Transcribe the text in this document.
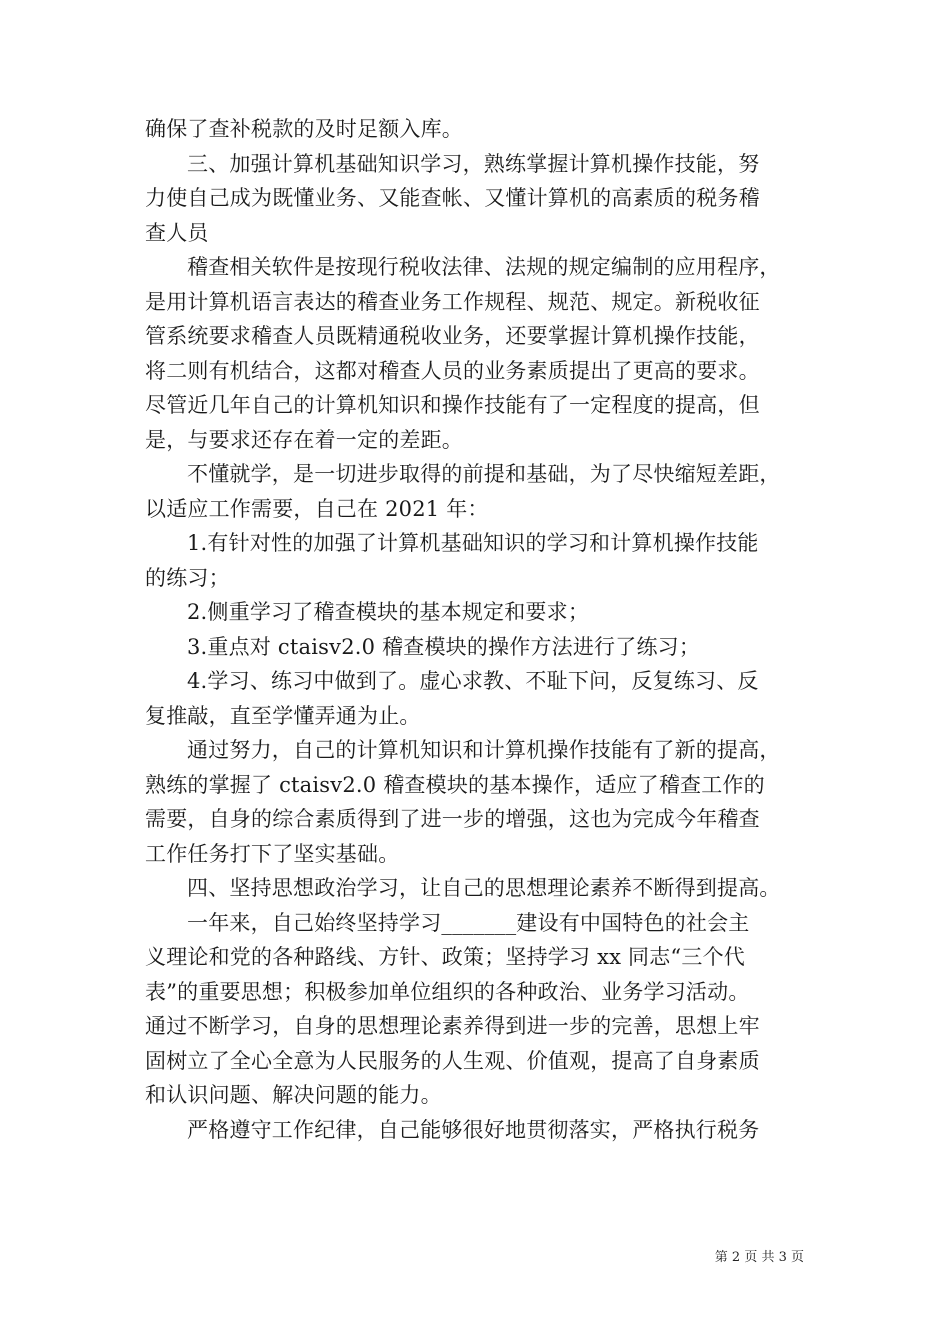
确保了查补税款的及时足额入库。

三、加强计算机基础知识学习，熟练掌握计算机操作技能，努

力使自己成为既懂业务、又能查帐、又懂计算机的高素质的税务稽

查人员

稽查相关软件是按现行税收法律、法规的规定编制的应用程序，

是用计算机语言表达的稽查业务工作规程、规范、规定。新税收征

管系统要求稽查人员既精通税收业务，还要掌握计算机操作技能，

将二则有机结合，这都对稽查人员的业务素质提出了更高的要求。

尽管近几年自己的计算机知识和操作技能有了一定程度的提高，但

是，与要求还存在着一定的差距。

不懂就学，是一切进步取得的前提和基础，为了尽快缩短差距，

以适应工作需要，自己在 2021 年：

1.有针对性的加强了计算机基础知识的学习和计算机操作技能

的练习；

2.侧重学习了稽查模块的基本规定和要求；

3.重点对 ctaisv2.0 稽查模块的操作方法进行了练习；

4.学习、练习中做到了。虚心求教、不耻下问，反复练习、反

复推敲，直至学懂弄通为止。

通过努力，自己的计算机知识和计算机操作技能有了新的提高，

熟练的掌握了 ctaisv2.0 稽查模块的基本操作，适应了稽查工作的

需要，自身的综合素质得到了进一步的增强，这也为完成今年稽查

工作任务打下了坚实基础。

四、坚持思想政治学习，让自己的思想理论素养不断得到提高。

一年来，自己始终坚持学习_______建设有中国特色的社会主

义理论和党的各种路线、方针、政策；坚持学习 xx 同志“三个代

表”的重要思想；积极参加单位组织的各种政治、业务学习活动。

通过不断学习，自身的思想理论素养得到进一步的完善，思想上牢

固树立了全心全意为人民服务的人生观、价值观，提高了自身素质

和认识问题、解决问题的能力。

严格遵守工作纪律，自己能够很好地贯彻落实，严格执行税务

第 2 页 共 3 页
